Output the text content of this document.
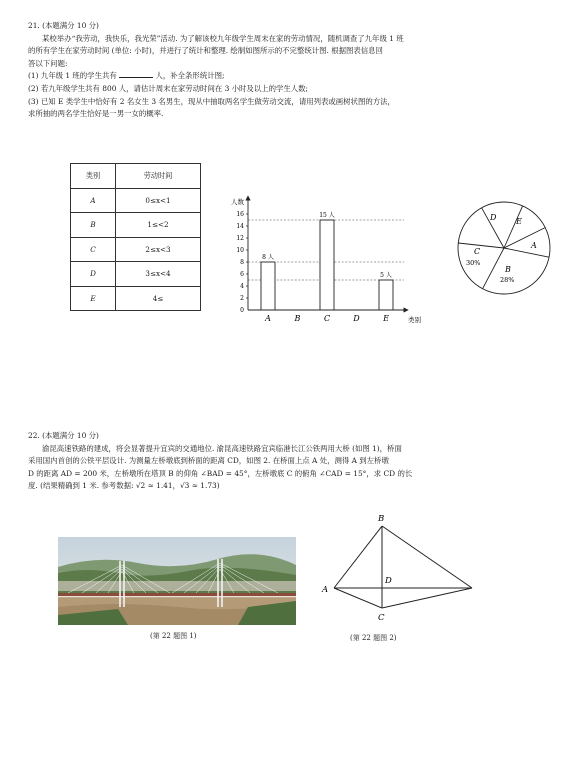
21. (本题满分 10 分)

某校举办“我劳动，我快乐，我光荣”活动. 为了解该校九年级学生周末在家的劳动情况，随机调查了九年级 1 班

的所有学生在家劳动时间 (单位: 小时)，并进行了统计和整理. 绘制如图所示的不完整统计图. 根据图表信息回

答以下问题:

(1) 九年级 1 班的学生共有	人，补全条形统计图;

(2) 若九年级学生共有 800 人，请估计周末在家劳动时间在 3 小时及以上的学生人数;

(3) 已知 E 类学生中恰好有 2 名女生 3 名男生，现从中抽取两名学生做劳动交流，请用列表或画树状图的方法，

求所抽的两名学生恰好是一男一女的概率.

类别	劳动时间
A	0≤x<1
B	1≤<2
C	2≤x<3
D	3≤x<4
E	4≤
0
2
4
6
8
10
12
14
16
8 人
A	B
15 人
C	D
5 人
E
人数
类别
D E
A
B
28%
C
30%

22. (本题满分 10 分)

渝昆高速铁路的建成，将会显著提升宜宾的交通地位. 渝昆高速铁路宜宾临港长江公铁两用大桥 (如图 1)，桥面

采用国内首创的公铁平层设计. 为测量左桥墩底到桥面的距离 CD，如图 2. 在桥面上点 A 处，测得 A 到左桥墩

D 的距离 AD = 200 米，左桥墩所在塔顶 B 的仰角 ∠BAD = 45°，左桥墩底 C 的俯角 ∠CAD = 15°，求 CD 的长

度. (结果精确到 1 米. 参考数据: √2 ≈ 1.41，√3 ≈ 1.73)

(第 22 题图 1)
B
D
A
C
(第 22 题图 2)
